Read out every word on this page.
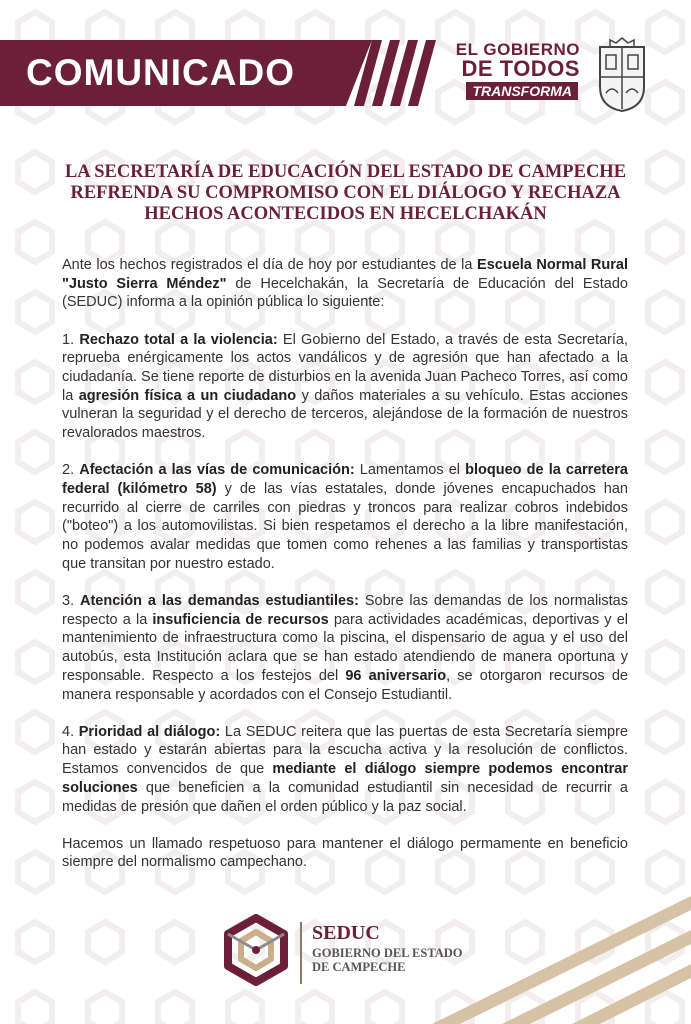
COMUNICADO
EL GOBIERNO
DE TODOS
TRANSFORMA
LA SECRETARÍA DE EDUCACIÓN DEL ESTADO DE CAMPECHE REFRENDA SU COMPROMISO CON EL DIÁLOGO Y RECHAZA HECHOS ACONTECIDOS EN HECELCHAKÁN

Ante los hechos registrados el día de hoy por estudiantes de la Escuela Normal Rural "Justo Sierra Méndez" de Hecelchakán, la Secretaría de Educación del Estado (SEDUC) informa a la opinión pública lo siguiente:

1. Rechazo total a la violencia: El Gobierno del Estado, a través de esta Secretaría, reprueba enérgicamente los actos vandálicos y de agresión que han afectado a la ciudadanía. Se tiene reporte de disturbios en la avenida Juan Pacheco Torres, así como la agresión física a un ciudadano y daños materiales a su vehículo. Estas acciones vulneran la seguridad y el derecho de terceros, alejándose de la formación de nuestros revalorados maestros.

2. Afectación a las vías de comunicación: Lamentamos el bloqueo de la carretera federal (kilómetro 58) y de las vías estatales, donde jóvenes encapuchados han recurrido al cierre de carriles con piedras y troncos para realizar cobros indebidos ("boteo") a los automovilistas. Si bien respetamos el derecho a la libre manifestación, no podemos avalar medidas que tomen como rehenes a las familias y transportistas que transitan por nuestro estado.

3. Atención a las demandas estudiantiles: Sobre las demandas de los normalistas respecto a la insuficiencia de recursos para actividades académicas, deportivas y el mantenimiento de infraestructura como la piscina, el dispensario de agua y el uso del autobús, esta Institución aclara que se han estado atendiendo de manera oportuna y responsable. Respecto a los festejos del 96 aniversario, se otorgaron recursos de manera responsable y acordados con el Consejo Estudiantil.

4. Prioridad al diálogo: La SEDUC reitera que las puertas de esta Secretaría siempre han estado y estarán abiertas para la escucha activa y la resolución de conflictos. Estamos convencidos de que mediante el diálogo siempre podemos encontrar soluciones que beneficien a la comunidad estudiantil sin necesidad de recurrir a medidas de presión que dañen el orden público y la paz social.

Hacemos un llamado respetuoso para mantener el diálogo permamente en beneficio siempre del normalismo campechano.

SEDUC
GOBIERNO DEL ESTADO
DE CAMPECHE
